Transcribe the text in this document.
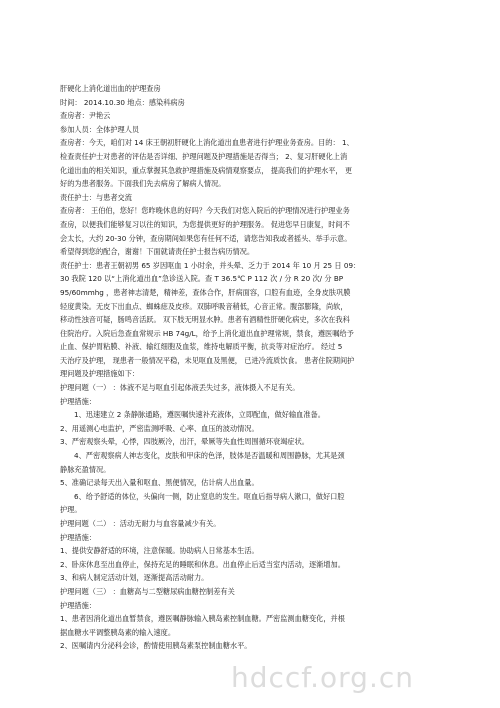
肝硬化上消化道出血的护理查房
时间： 2014.10.30 地点：感染科病房
查房者：尹艳云
参加人员：全体护理人员
查房者：今天，咱们对 14 床王朝初肝硬化上消化道出血患者进行护理业务查房。目的： 1、
检查责任护士对患者的评估是否详细、护理问题及护理措施是否得当； 2、复习肝硬化上消
化道出血的相关知识，重点掌握其急救护理措施及病情观察要点， 提高我们的护理水平， 更
好的为患者服务。下面我们先去病房了解病人情况。
责任护士：与患者交流
查房者： 王伯伯，您好！您昨晚休息的好吗？今天我们对您入院后的护理情况进行护理业务
查房，以便我们能够复习以往的知识，为您提供更好的护理服务。 促进您早日康复，时间不
会太长，大约 20-30 分钟，查房期间如果您有任何不适，请您告知我或者摇头、举手示意。
希望得到您的配合，谢谢！下面就请责任护士报告病历情况。
责任护士：患者王朝初男 65 岁因呕血 1 小时余，并头晕、乏力于 2014 年 10 月 25 日 09：
30 我院 120 以“上消化道出血”急诊送入院。查 T 36.5℃ P 112 次 / 分 R 20 次/ 分 BP
95/60mmhg ，患者神志清楚，精神差，查体合作，肝病面容，口腔有血迹，全身皮肤巩膜
轻度黄染。无皮下出血点、蜘蛛痣及皮疹。双肺呼吸音稍低，心音正常。腹部膨隆，尚软，
移动性浊音可疑，肠鸣音活跃。 双下肢无明显水肿。患者有酒精性肝硬化病史，多次在我科
住院治疗。入院后急查血常规示 HB 74g/L，给予上消化道出血护理常规，禁食，遵医嘱给予
止血、保护胃粘膜、补液、输红细胞及血浆，维持电解质平衡，抗炎等对症治疗。 经过 5
天治疗及护理， 现患者一般情况平稳，未见呕血及黑便， 已进冷流质饮食。 患者住院期间护
理问题及护理措施如下：
护理问题（一） ：体液不足与呕血引起体液丢失过多，液体摄入不足有关。
护理措施：
1、迅速建立 2 条静脉通路，遵医嘱快速补充液体，立即配血，做好输血准备。
2、用遥测心电监护，严密监测呼吸、心率、血压的波动情况。
3、严密观察头晕，心悸，四肢厥冷，出汗，晕厥等失血性周围循环衰竭症状。
4、严密观察病人神志变化，皮肤和甲床的色泽，肢体是否温暖和周围静脉，尤其是颈
静脉充盈情况。
5、准确记录每天出入量和呕血、黑便情况，估计病人出血量。
6、给予舒适的体位，头偏向一侧，防止窒息的发生。呕血后指导病人漱口，做好口腔
护理。
护理问题（二） ：活动无耐力与血容量减少有关。
护理措施：
1、提供安静舒适的环境，注意保暖。协助病人日常基本生活。
2、卧床休息至出血停止，保持充足的睡眠和休息。出血停止后适当室内活动，逐渐增加。
3、和病人制定活动计划，逐渐提高活动耐力。
护理问题（三） ：血糖高与二型糖尿病血糖控制差有关
护理措施：
1、患者因消化道出血暂禁食，遵医嘱静脉输入胰岛素控制血糖。严密监测血糖变化，并根
据血糖水平调整胰岛素的输入速度。
2、医嘱请内分泌科会诊，酌情使用胰岛素泵控制血糖水平。
hdccf.org.cn
